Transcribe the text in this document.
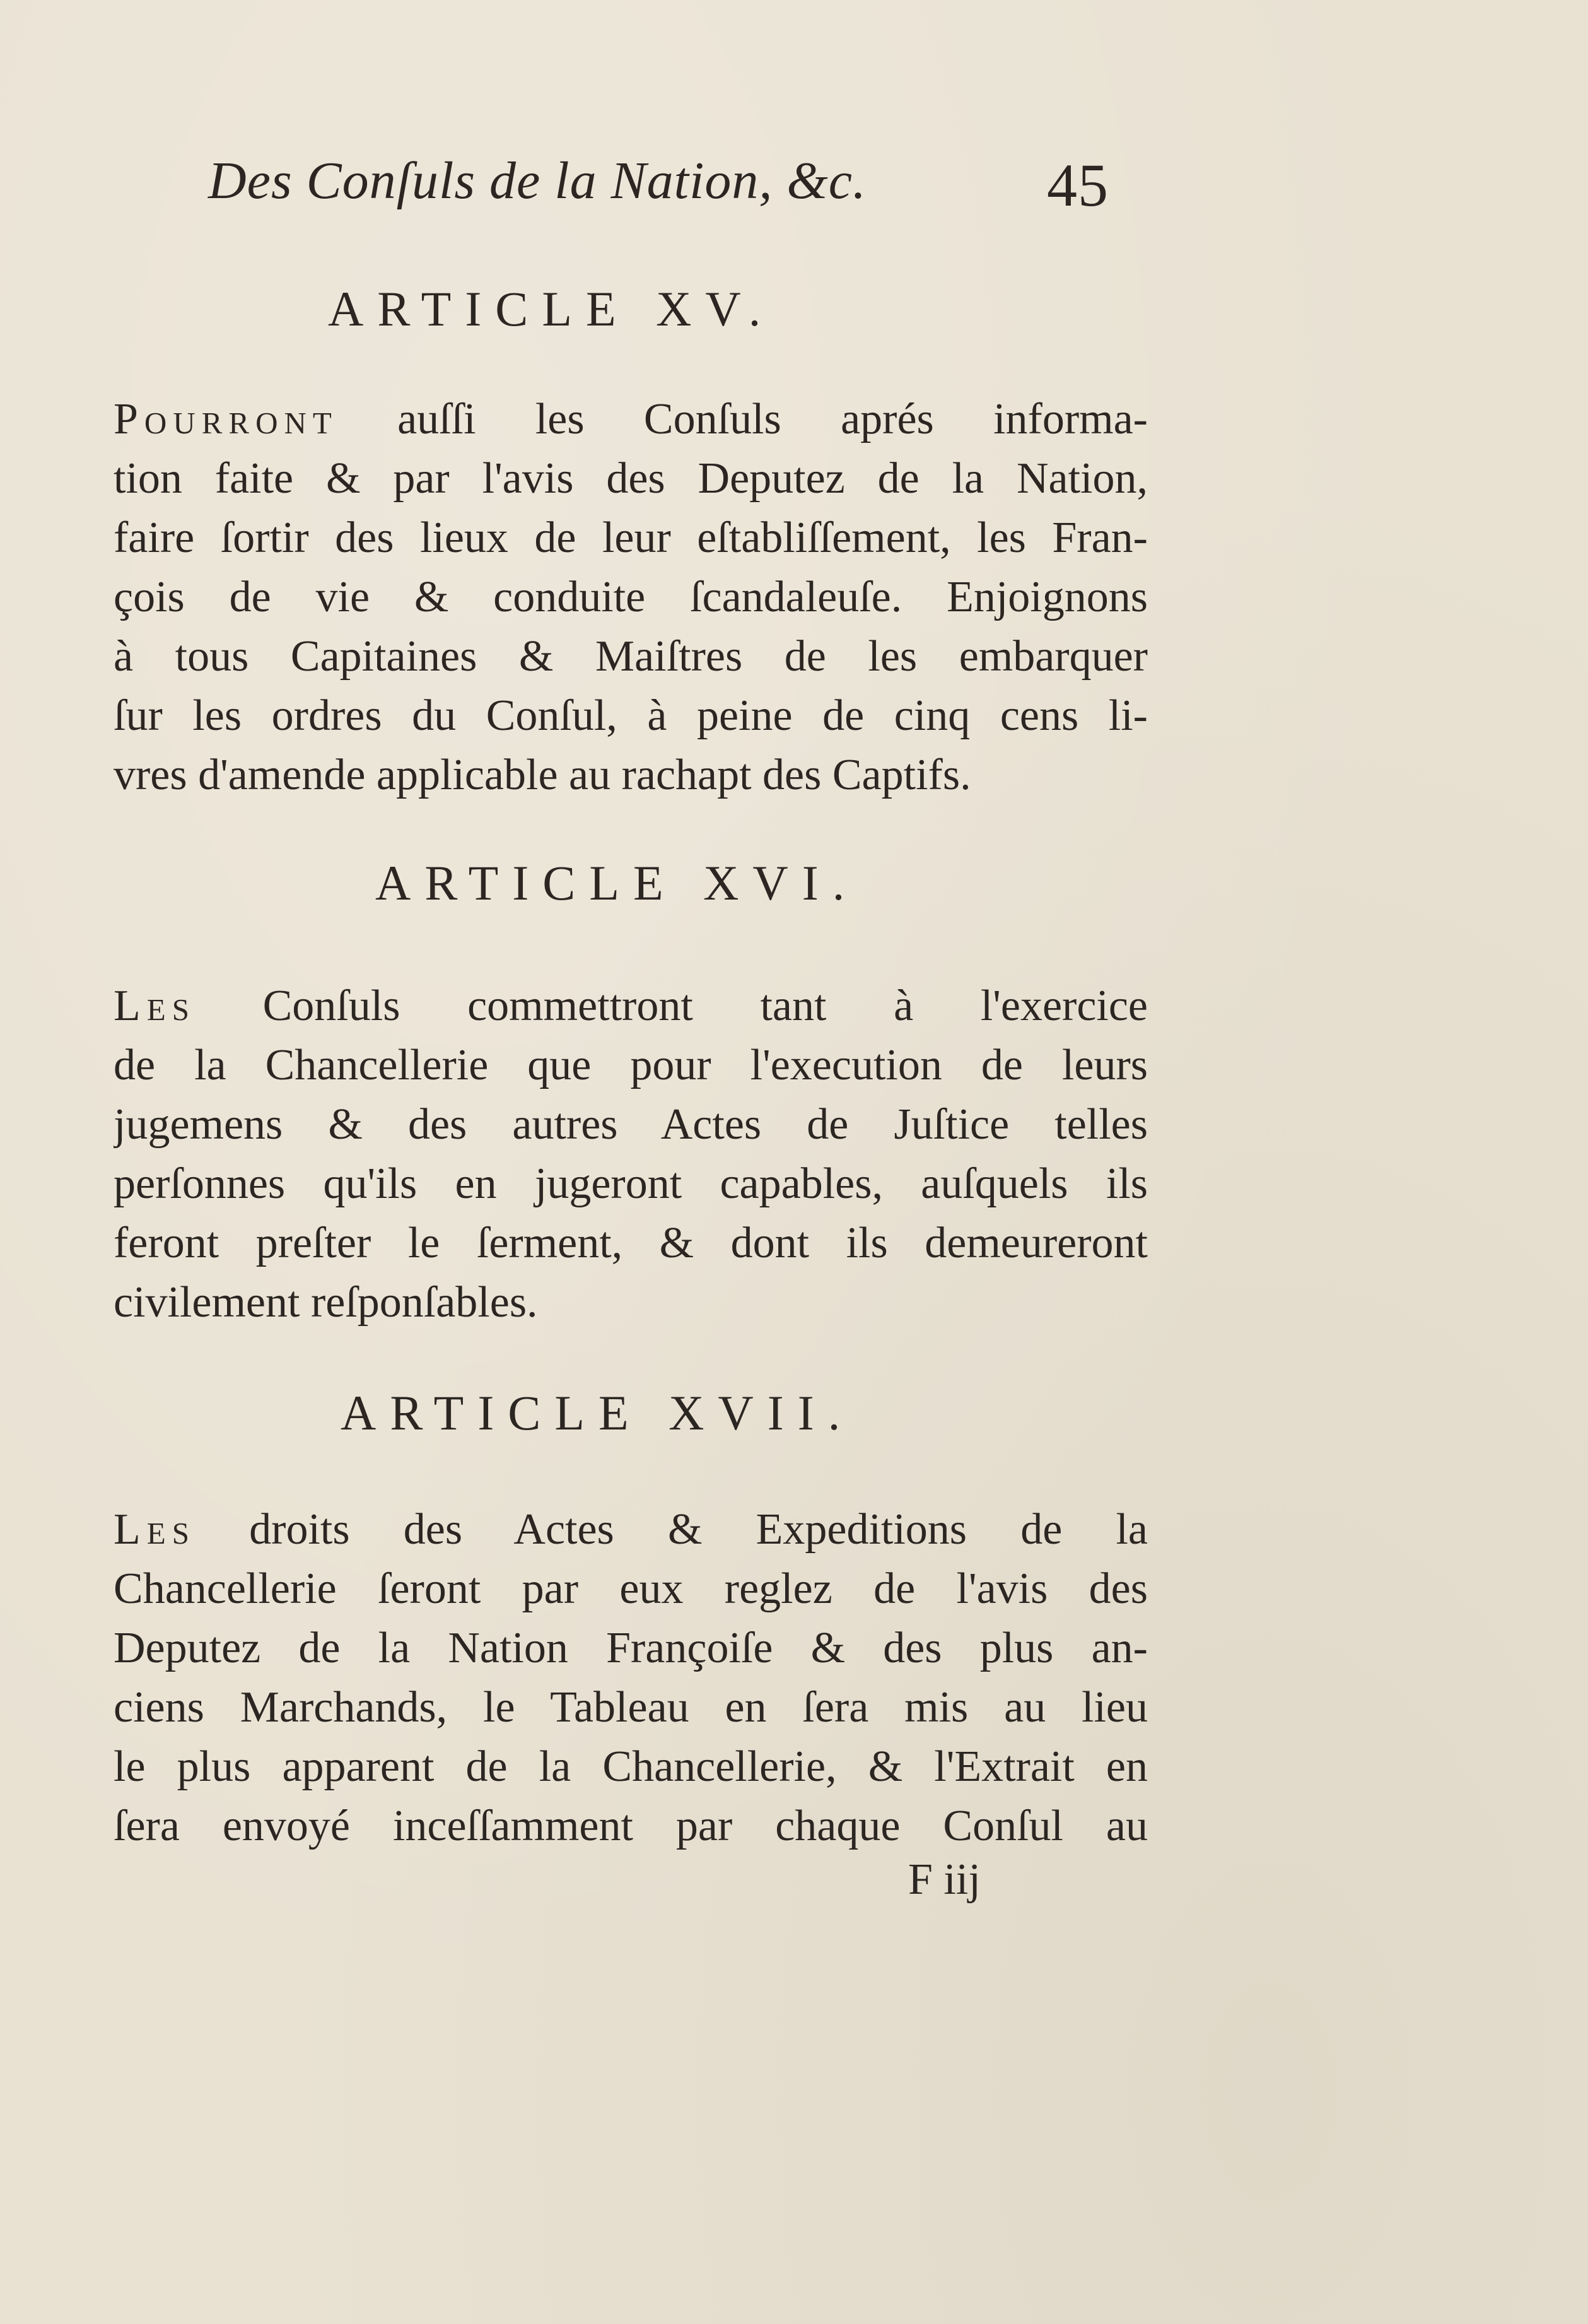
Des Conſuls de la Nation, &c.	45
ARTICLE XV.
Pourront auſſi les Conſuls aprés informa-
tion faite & par l'avis des Deputez de la Nation,
faire ſortir des lieux de leur eſtabliſſement, les Fran-
çois de vie & conduite ſcandaleuſe. Enjoignons
à tous Capitaines & Maiſtres de les embarquer
ſur les ordres du Conſul, à peine de cinq cens li-
vres d'amende applicable au rachapt des Captifs.
ARTICLE XVI.
Les Conſuls commettront tant à l'exercice
de la Chancellerie que pour l'execution de leurs
jugemens & des autres Actes de Juſtice telles
perſonnes qu'ils en jugeront capables, auſquels ils
feront preſter le ſerment, & dont ils demeureront
civilement reſponſables.
ARTICLE XVII.
Les droits des Actes & Expeditions de la
Chancellerie ſeront par eux reglez de l'avis des
Deputez de la Nation Françoiſe & des plus an-
ciens Marchands, le Tableau en ſera mis au lieu
le plus apparent de la Chancellerie, & l'Extrait en
ſera envoyé inceſſamment par chaque Conſul au
F iij
